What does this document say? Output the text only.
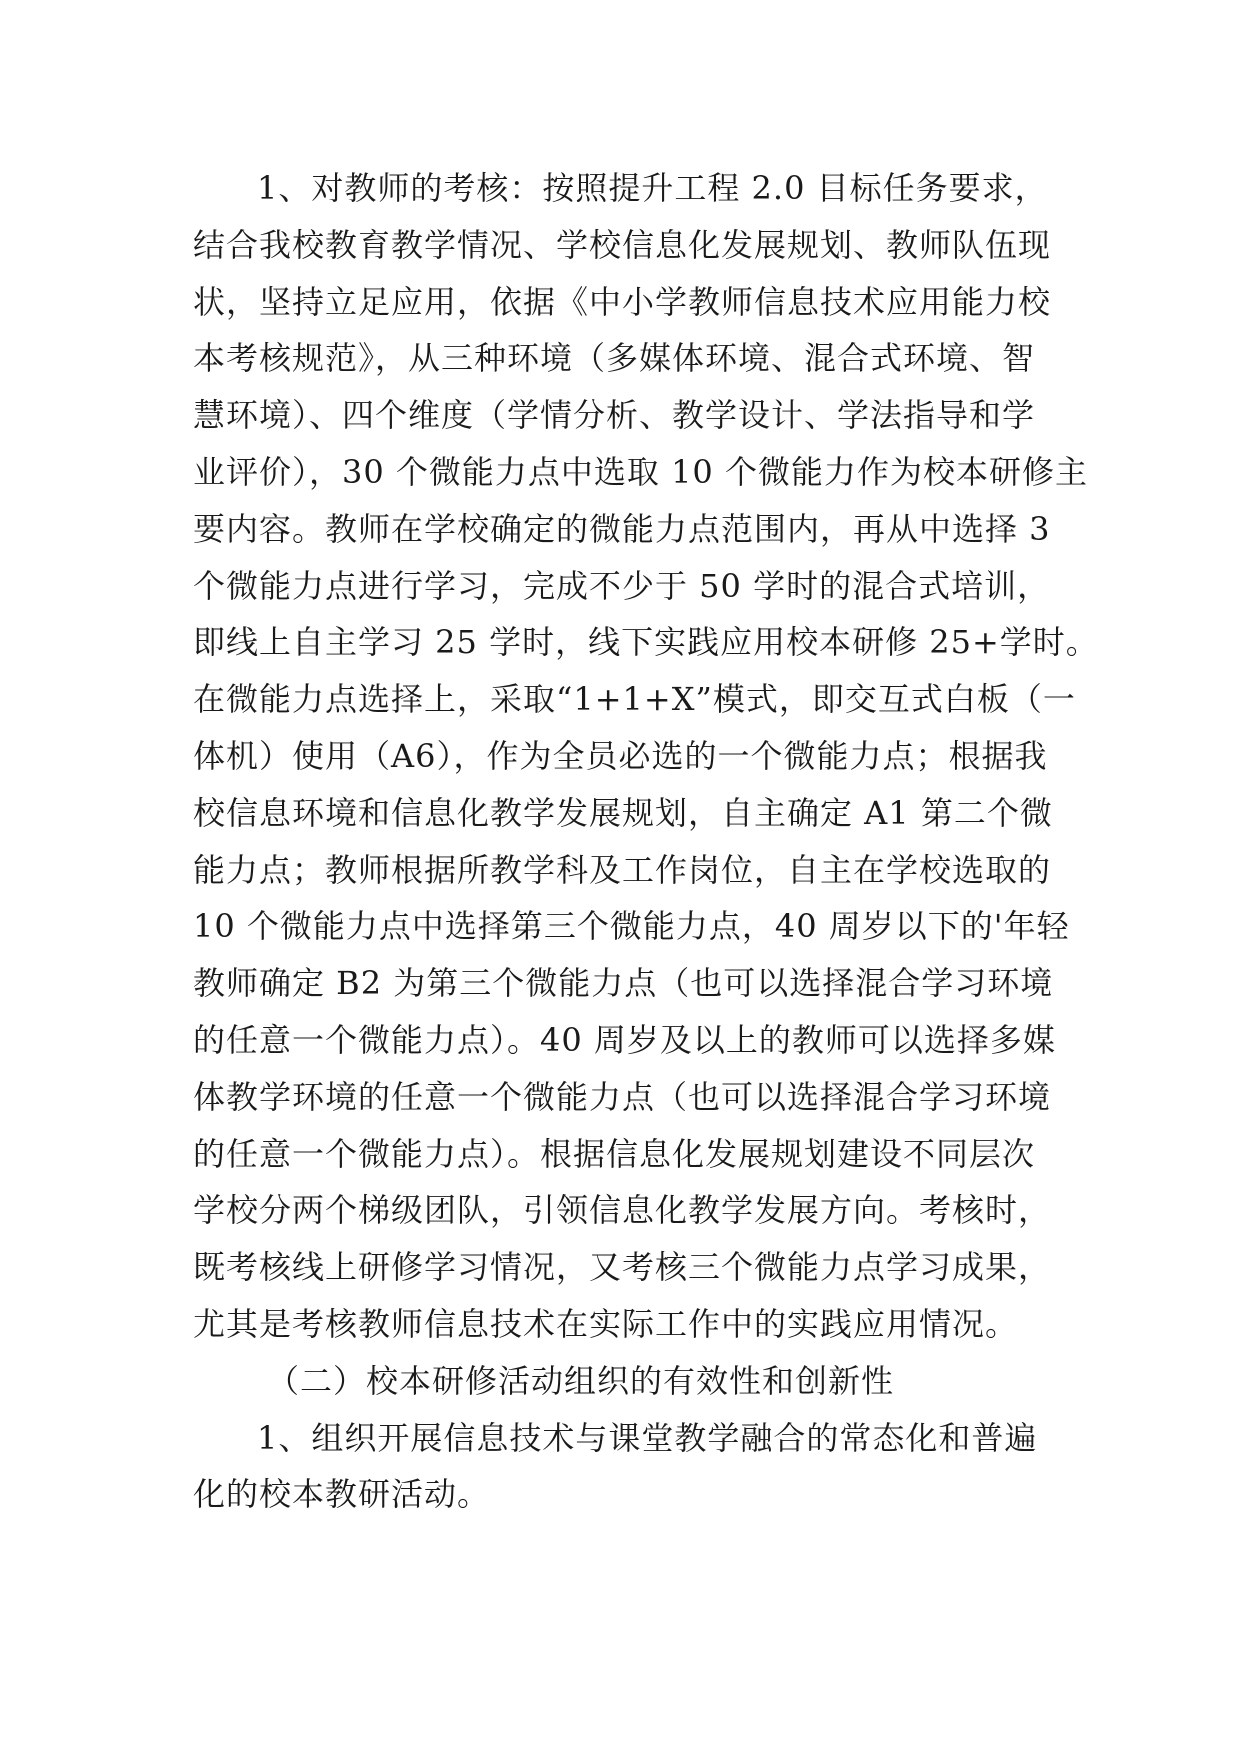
1、对教师的考核：按照提升工程 2.0 目标任务要求，
结合我校教育教学情况、学校信息化发展规划、教师队伍现
状，坚持立足应用，依据《中小学教师信息技术应用能力校
本考核规范》，从三种环境（多媒体环境、混合式环境、智
慧环境）、四个维度（学情分析、教学设计、学法指导和学
业评价），30 个微能力点中选取 10 个微能力作为校本研修主
要内容。教师在学校确定的微能力点范围内，再从中选择 3
个微能力点进行学习，完成不少于 50 学时的混合式培训，
即线上自主学习 25 学时，线下实践应用校本研修 25+学时。
在微能力点选择上，采取“1+1+X”模式，即交互式白板（一
体机）使用（A6），作为全员必选的一个微能力点；根据我
校信息环境和信息化教学发展规划，自主确定 A1 第二个微
能力点；教师根据所教学科及工作岗位，自主在学校选取的
10 个微能力点中选择第三个微能力点，40 周岁以下的'年轻
教师确定 B2 为第三个微能力点（也可以选择混合学习环境
的任意一个微能力点）。40 周岁及以上的教师可以选择多媒
体教学环境的任意一个微能力点（也可以选择混合学习环境
的任意一个微能力点）。根据信息化发展规划建设不同层次
学校分两个梯级团队，引领信息化教学发展方向。考核时，
既考核线上研修学习情况，又考核三个微能力点学习成果，
尤其是考核教师信息技术在实际工作中的实践应用情况。
（二）校本研修活动组织的有效性和创新性
1、组织开展信息技术与课堂教学融合的常态化和普遍
化的校本教研活动。
